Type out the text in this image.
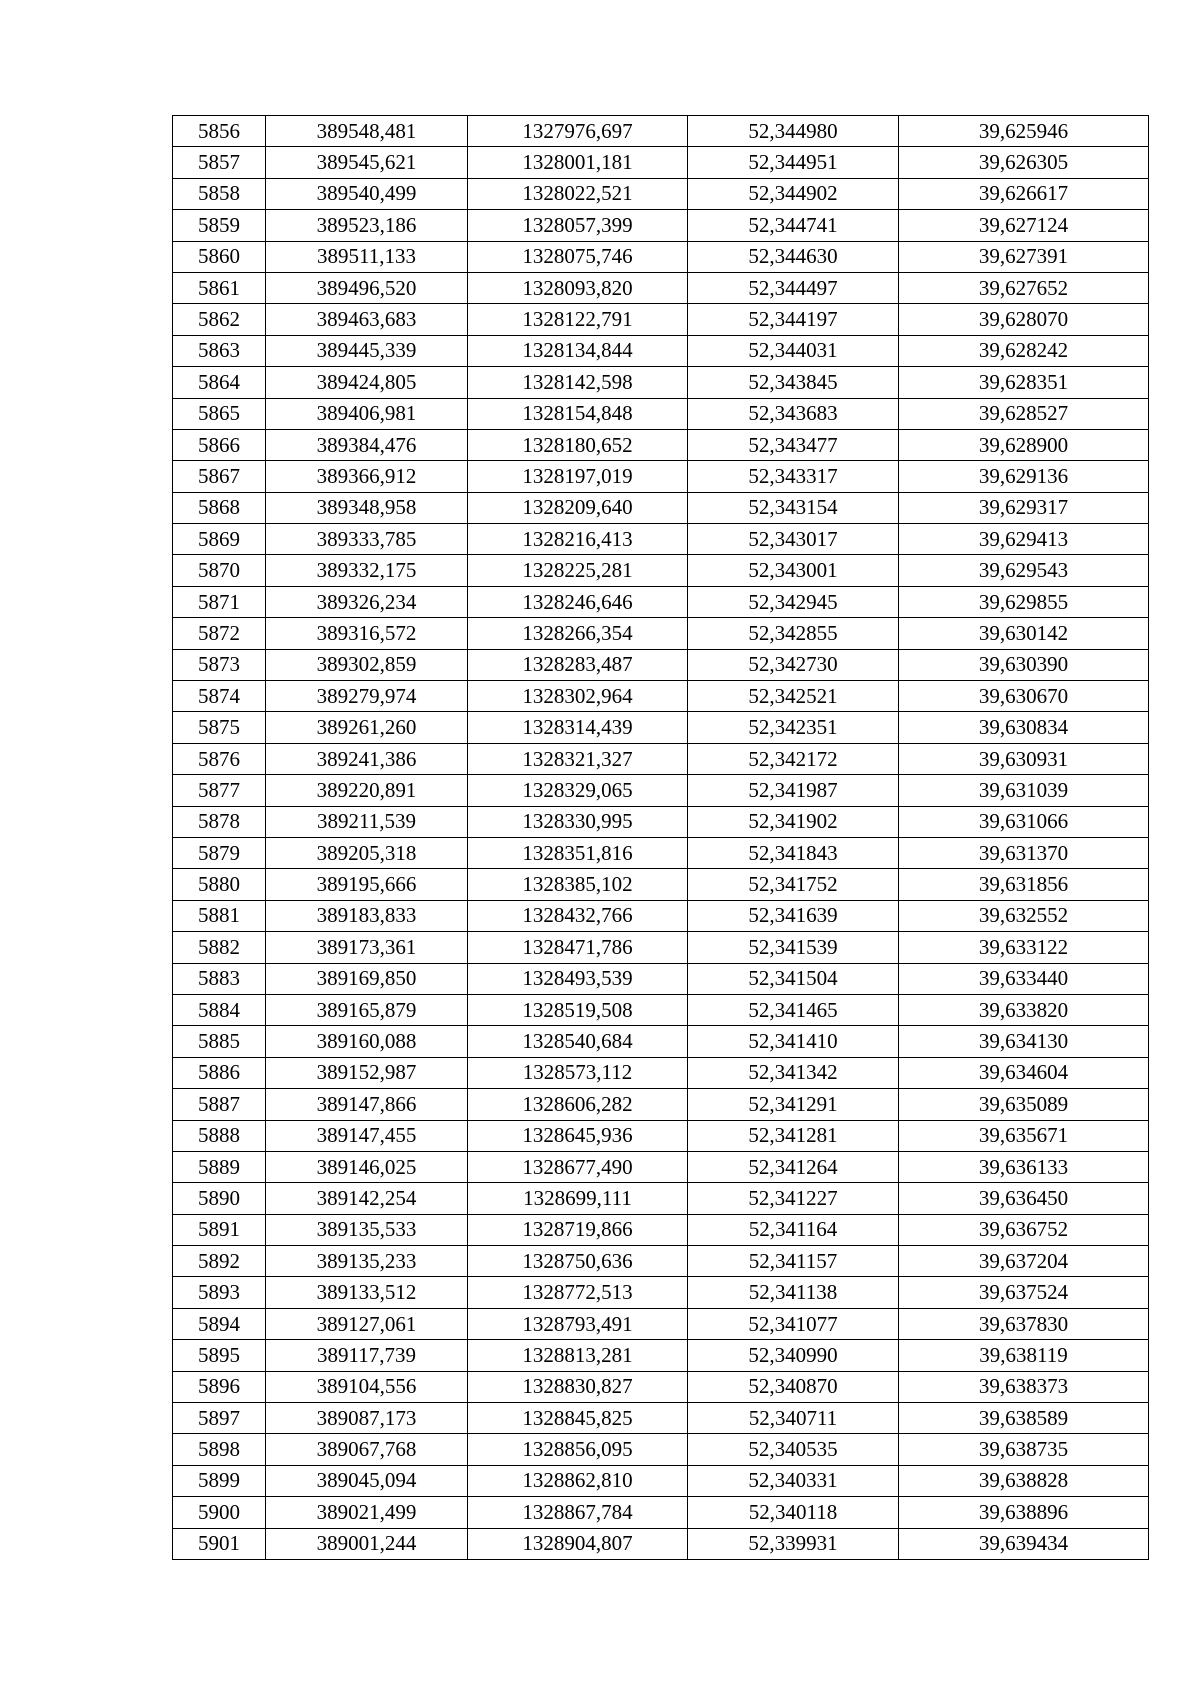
5856	389548,481	1327976,697	52,344980	39,625946
5857	389545,621	1328001,181	52,344951	39,626305
5858	389540,499	1328022,521	52,344902	39,626617
5859	389523,186	1328057,399	52,344741	39,627124
5860	389511,133	1328075,746	52,344630	39,627391
5861	389496,520	1328093,820	52,344497	39,627652
5862	389463,683	1328122,791	52,344197	39,628070
5863	389445,339	1328134,844	52,344031	39,628242
5864	389424,805	1328142,598	52,343845	39,628351
5865	389406,981	1328154,848	52,343683	39,628527
5866	389384,476	1328180,652	52,343477	39,628900
5867	389366,912	1328197,019	52,343317	39,629136
5868	389348,958	1328209,640	52,343154	39,629317
5869	389333,785	1328216,413	52,343017	39,629413
5870	389332,175	1328225,281	52,343001	39,629543
5871	389326,234	1328246,646	52,342945	39,629855
5872	389316,572	1328266,354	52,342855	39,630142
5873	389302,859	1328283,487	52,342730	39,630390
5874	389279,974	1328302,964	52,342521	39,630670
5875	389261,260	1328314,439	52,342351	39,630834
5876	389241,386	1328321,327	52,342172	39,630931
5877	389220,891	1328329,065	52,341987	39,631039
5878	389211,539	1328330,995	52,341902	39,631066
5879	389205,318	1328351,816	52,341843	39,631370
5880	389195,666	1328385,102	52,341752	39,631856
5881	389183,833	1328432,766	52,341639	39,632552
5882	389173,361	1328471,786	52,341539	39,633122
5883	389169,850	1328493,539	52,341504	39,633440
5884	389165,879	1328519,508	52,341465	39,633820
5885	389160,088	1328540,684	52,341410	39,634130
5886	389152,987	1328573,112	52,341342	39,634604
5887	389147,866	1328606,282	52,341291	39,635089
5888	389147,455	1328645,936	52,341281	39,635671
5889	389146,025	1328677,490	52,341264	39,636133
5890	389142,254	1328699,111	52,341227	39,636450
5891	389135,533	1328719,866	52,341164	39,636752
5892	389135,233	1328750,636	52,341157	39,637204
5893	389133,512	1328772,513	52,341138	39,637524
5894	389127,061	1328793,491	52,341077	39,637830
5895	389117,739	1328813,281	52,340990	39,638119
5896	389104,556	1328830,827	52,340870	39,638373
5897	389087,173	1328845,825	52,340711	39,638589
5898	389067,768	1328856,095	52,340535	39,638735
5899	389045,094	1328862,810	52,340331	39,638828
5900	389021,499	1328867,784	52,340118	39,638896
5901	389001,244	1328904,807	52,339931	39,639434
